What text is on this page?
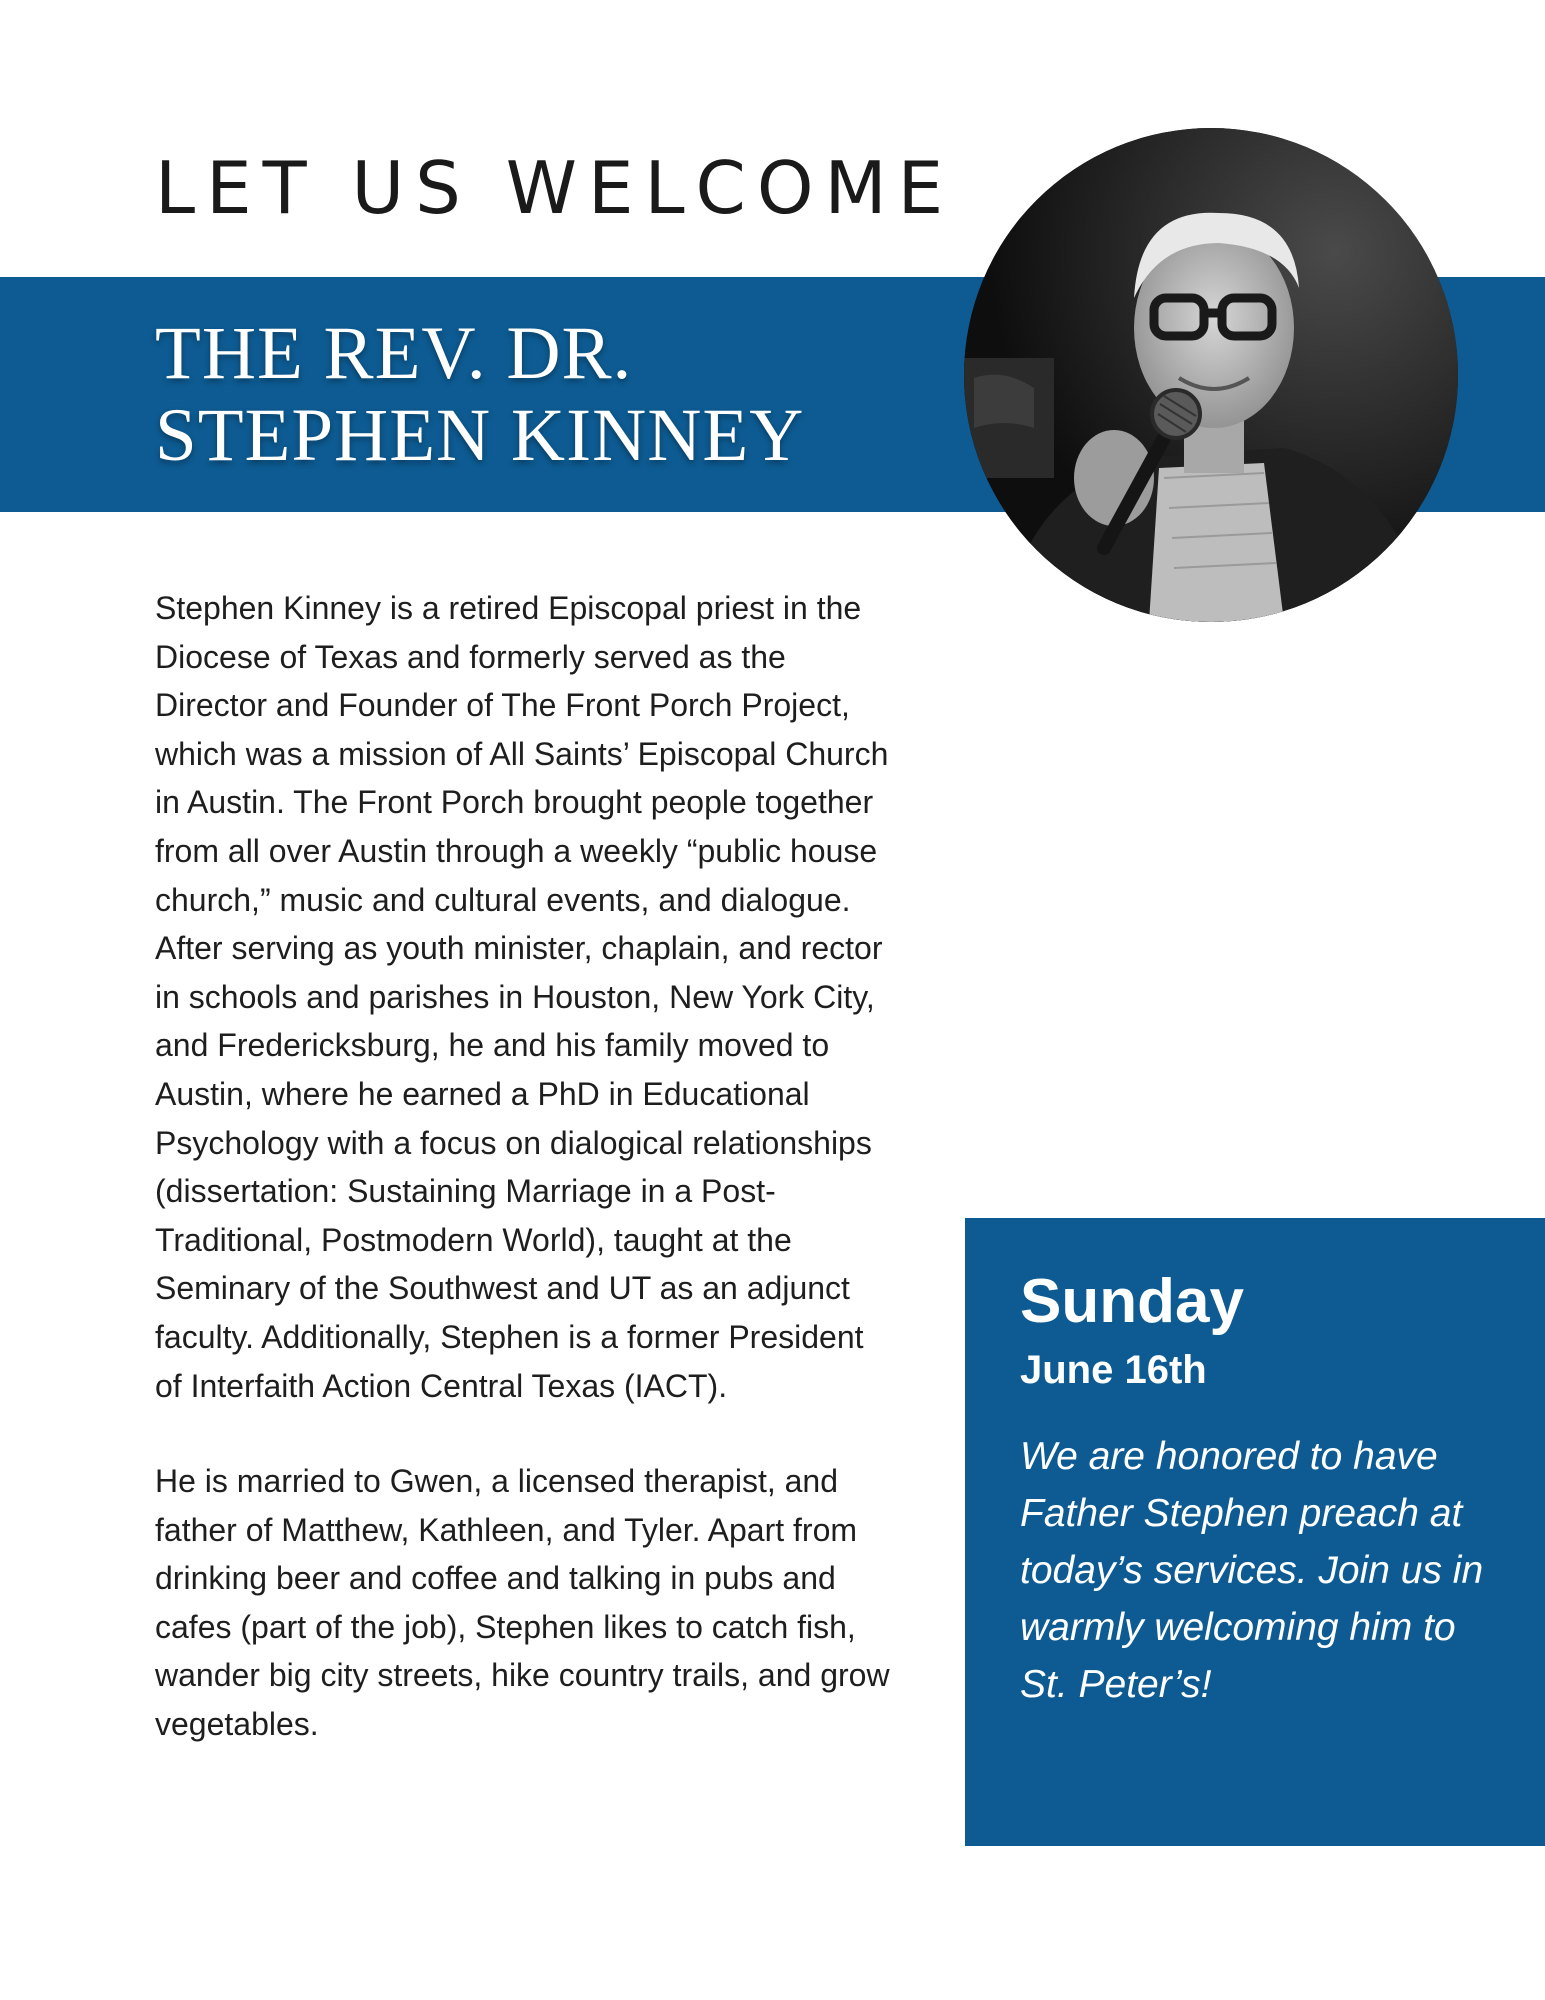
LET US WELCOME
THE REV. DR.
STEPHEN KINNEY

Stephen Kinney is a retired Episcopal priest in the Diocese of Texas and formerly served as the Director and Founder of The Front Porch Project, which was a mission of All Saints’ Episcopal Church in Austin. The Front Porch brought people together from all over Austin through a weekly “public house church,” music and cultural events, and dialogue. After serving as youth minister, chaplain, and rector in schools and parishes in Houston, New York City, and Fredericksburg, he and his family moved to Austin, where he earned a PhD in Educational Psychology with a focus on dialogical relationships (dissertation: Sustaining Marriage in a Post-Traditional, Postmodern World), taught at the Seminary of the Southwest and UT as an adjunct faculty. Additionally, Stephen is a former President of Interfaith Action Central Texas (IACT).

He is married to Gwen, a licensed therapist, and father of Matthew, Kathleen, and Tyler. Apart from drinking beer and coffee and talking in pubs and cafes (part of the job), Stephen likes to catch fish, wander big city streets, hike country trails, and grow vegetables.

Sunday

June 16th

We are honored to have Father Stephen preach at today’s services. Join us in warmly welcoming him to St. Peter’s!
